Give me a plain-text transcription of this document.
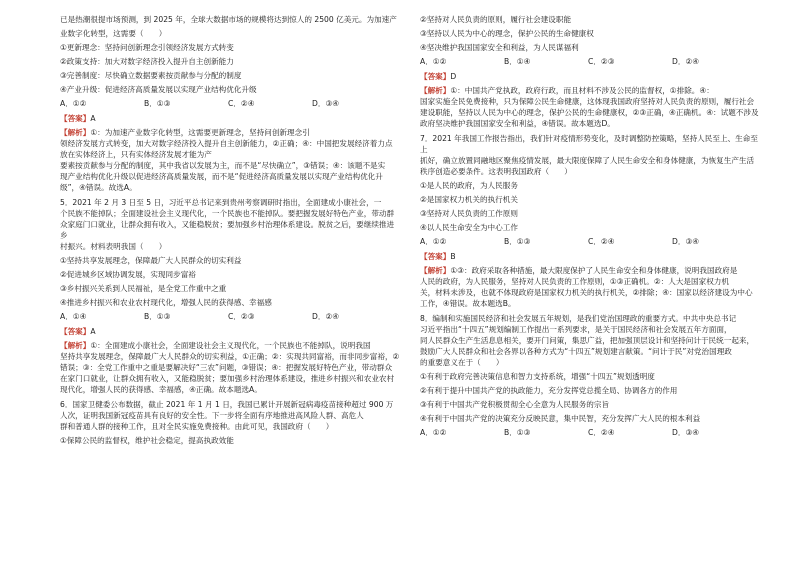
已是热潮很提市场预测，到 2025 年，全球大数据市场的规模将达到惊人的 2500 亿美元。为加速产
业数字化转型，这需要（　　）
①更新理念：坚持问创新理念引领经济发展方式转变
②政策支持：加大对数字经济投入提升自主创新能力
③完善制度：尽快确立数据要素按贡献参与分配的制度
④产业升级：促进经济高质量发展以实现产业结构优化升级
A．①②	B．①③	C．②④	D．③④
【答案】A
【解析】①：为加速产业数字化转型，这需要更新理念，坚持问创新理念引
领经济发展方式转变，加大对数字经济投入提升自主创新能力，②正确；④：中国把发展经济着力点放在实体经济上，只有实体经济发展才能为产
要素按贡献参与分配的制度，其中我省以发展为主，而不是“尽快确立”，③错误；④：该题不是实
现产业结构优化升级以促进经济高质量发展，而不是“促进经济高质量发展以实现产业结构优化升
级”，④错误。故选A。
5．2021 年 2 月 3 日至 5 日，习近平总书记来到贵州考察调研时指出，全面建成小康社会，一
个民族不能掉队；全面建设社会主义现代化，一个民族也不能掉队。要把握发展好特色产业，带动群
众家庭门口就业，让群众拥有收入，又能稳脱贫；要加强乡村治理体系建设。脱贫之后，要继续推进乡
村振兴。材料表明我国（　　）
①坚持共享发展理念，保障最广大人民群众的切实利益
②促进城乡区域协调发展，实现同步富裕
③乡村振兴关系到人民福祉，是全党工作重中之重
④推进乡村振兴和农业农村现代化，增强人民的获得感、幸福感
A．①④	B．①③	C．②③	D．②④
【答案】A
【解析】①：全面建成小康社会，全面建设社会主义现代化，一个民族也不能掉队，说明我国
坚持共享发展理念，保障最广大人民群众的切实利益，①正确；②：实现共同富裕，而非同步富裕，②
错误；③：全党工作重中之重是要解决好“三农”问题，③错误；④：把握发展好特色产业，带动群众
在家门口就业，让群众拥有收入，又能稳脱贫；要加强乡村治理体系建设，推进乡村振兴和农业农村
现代化，增强人民的获得感、幸福感，④正确。故本题选A。
6．国家卫健委公布数据，截止 2021 年 1 月 1 日，我国已累计开展新冠病毒疫苗接种超过 900 万
人次，证明我国新冠疫苗具有良好的安全性。下一步将全面有序地推进高风险人群、高危人
群和普通人群的接种工作，且对全民实施免费接种。由此可见，我国政府（　　）
①保障公民的监督权，维护社会稳定，提高执政效能
②坚持对人民负责的原则，履行社会建设职能
③坚持以人民为中心的理念，保护公民的生命健康权
④坚决维护我国国家安全和利益，为人民谋福利
A．①②	B．①④	C．②③	D．②④
【答案】D
【解析】①：中国共产党执政，政府行政，而且材料不涉及公民的监督权，①排除。④：
国家实施全民免费接种，只为保障公民生命健康，这体现我国政府坚持对人民负责的原则，履行社会
建设职能，坚持以人民为中心的理念，保护公民的生命健康权，②③正确，④正确机。④：试题不涉及
政府坚决维护我国国家安全和利益，④错误。故本题选D。
7．2021 年我国工作报告指出，我们针对疫情形势变化，及时调整防控策略，坚持人民至上、生命至上
抓好，确立放置同融地区聚焦疫情发展，最大限度保障了人民生命安全和身体健康，为恢复生产生活
秩序创造必要条件。这表明我国政府（　　）
①是人民的政府，为人民服务
②是国家权力机关的执行机关
③坚持对人民负责的工作原则
④以人民生命安全为中心工作
A．①②	B．①③	C．②④	D．③④
【答案】B
【解析】①③：政府采取各种措施，最大限度保护了人民生命安全和身体健康，说明我国政府是
人民的政府，为人民服务，坚持对人民负责的工作原则，①③正确机。②：人大是国家权力机
关，材料未涉及，也就不体现政府是国家权力机关的执行机关，②排除；④：国家以经济建设为中心
工作，④错误。故本题选B。
8．编制和实施国民经济和社会发展五年规划，是我们党治国理政的重要方式。中共中央总书记
习近平指出“十四五”规划编制工作提出一系列要求，是关于国民经济和社会发展五年方面面，
同人民群众生产生活息息相关，要开门问策，集思广益，把加强顶层设计和坚持问计于民统一起来，
鼓励广大人民群众和社会各界以各种方式为“十四五”规划建言献策。“问计于民”对党治国理政
的重要意义在于（　　）
①有利于政府完善决策信息和智力支持系统，增强“十四五”规划透明度
②有利于提升中国共产党的执政能力，充分发挥党总揽全局、协调各方的作用
③有利于中国共产党积极贯彻全心全意为人民服务的宗旨
④有利于中国共产党的决策充分反映民意，集中民智，充分发挥广大人民的根本利益
A．①②	B．①③	C．②④	D．③④
